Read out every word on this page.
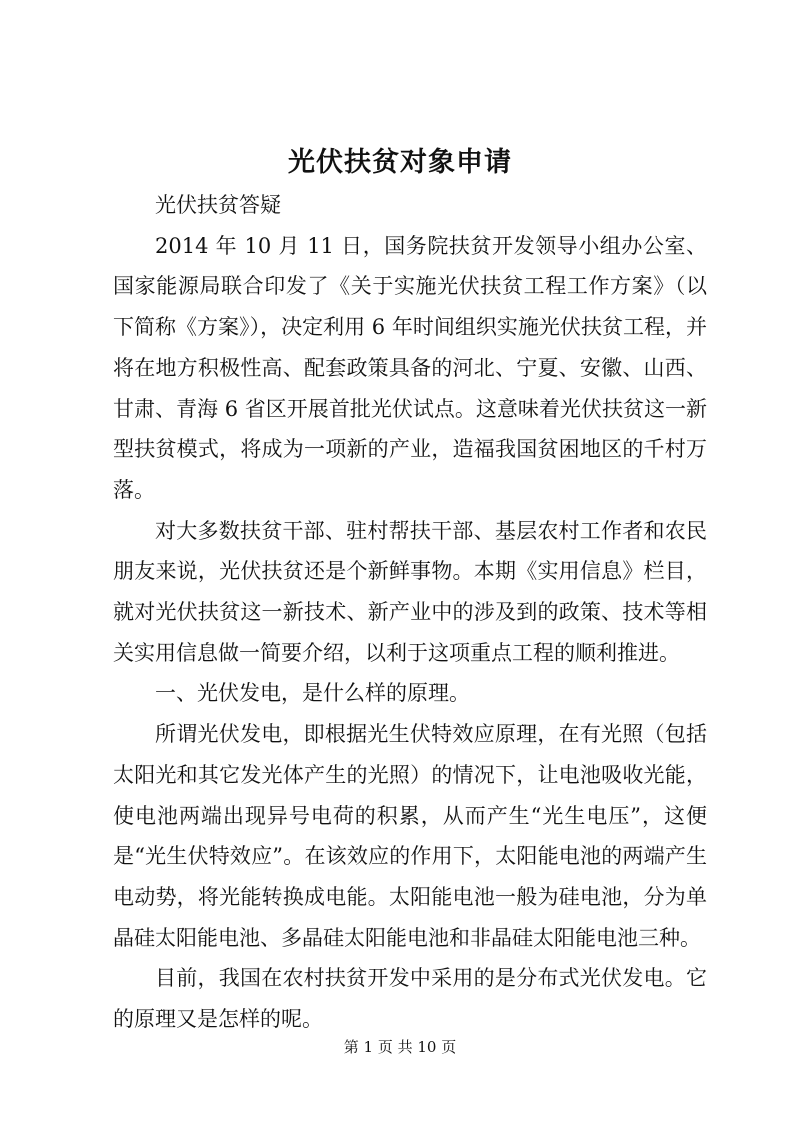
光伏扶贫对象申请

光伏扶贫答疑

2014 年 10 月 11 日，国务院扶贫开发领导小组办公室、国家能源局联合印发了《关于实施光伏扶贫工程工作方案》（以下简称《方案》），决定利用 6 年时间组织实施光伏扶贫工程，并将在地方积极性高、配套政策具备的河北、宁夏、安徽、山西、甘肃、青海 6 省区开展首批光伏试点。这意味着光伏扶贫这一新型扶贫模式，将成为一项新的产业，造福我国贫困地区的千村万落。

对大多数扶贫干部、驻村帮扶干部、基层农村工作者和农民朋友来说，光伏扶贫还是个新鲜事物。本期《实用信息》栏目，就对光伏扶贫这一新技术、新产业中的涉及到的政策、技术等相关实用信息做一简要介绍，以利于这项重点工程的顺利推进。

一、光伏发电，是什么样的原理。

所谓光伏发电，即根据光生伏特效应原理，在有光照（包括太阳光和其它发光体产生的光照）的情况下，让电池吸收光能，使电池两端出现异号电荷的积累，从而产生“光生电压”，这便是“光生伏特效应”。在该效应的作用下，太阳能电池的两端产生电动势，将光能转换成电能。太阳能电池一般为硅电池，分为单晶硅太阳能电池、多晶硅太阳能电池和非晶硅太阳能电池三种。

目前，我国在农村扶贫开发中采用的是分布式光伏发电。它的原理又是怎样的呢。

第 1 页 共 10 页
